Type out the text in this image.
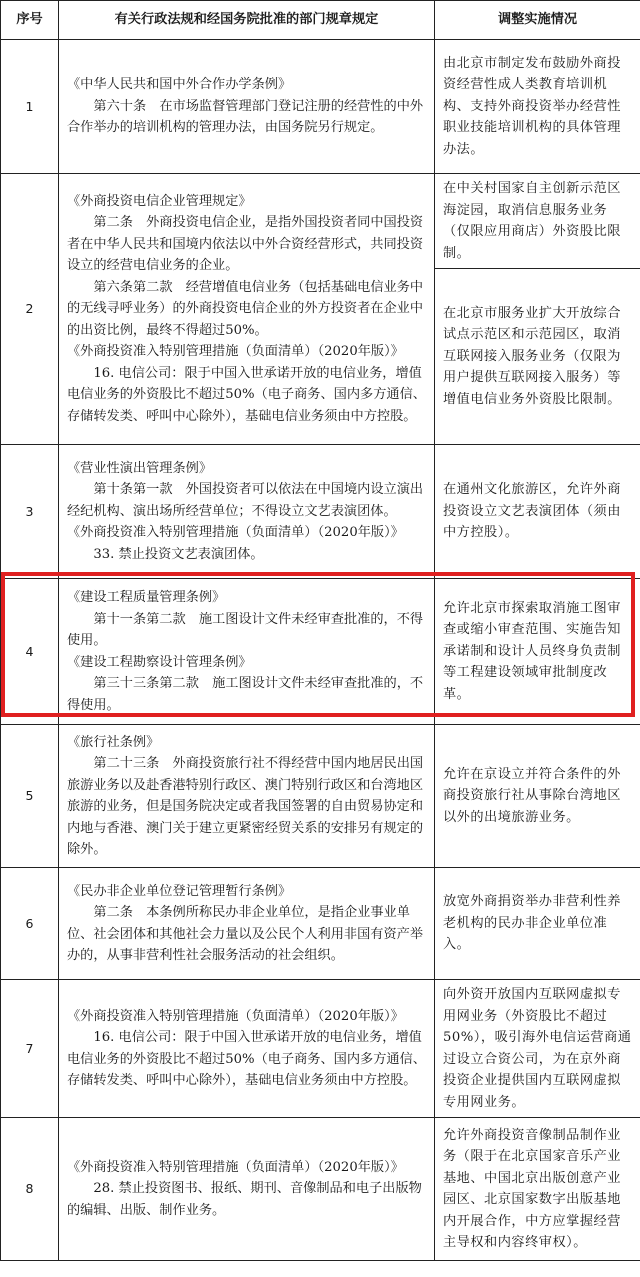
序号	有关行政法规和经国务院批准的部门规章规定	调整实施情况
1	《中华人民共和国中外合作办学条例》
第六十条　在市场监督管理部门登记注册的经营性的中外合作举办的培训机构的管理办法，由国务院另行规定。	由北京市制定发布鼓励外商投资经营性成人类教育培训机构、支持外商投资举办经营性职业技能培训机构的具体管理办法。

2	《外商投资电信企业管理规定》
第二条　外商投资电信企业，是指外国投资者同中国投资者在中华人民共和国境内依法以中外合资经营形式，共同投资设立的经营电信业务的企业。
第六条第二款　经营增值电信业务（包括基础电信业务中的无线寻呼业务）的外商投资电信企业的外方投资者在企业中的出资比例，最终不得超过50%。
《外商投资准入特别管理措施（负面清单）（2020年版）》
16. 电信公司：限于中国入世承诺开放的电信业务，增值电信业务的外资股比不超过50%（电子商务、国内多方通信、存储转发类、呼叫中心除外），基础电信业务须由中方控股。	在中关村国家自主创新示范区海淀园，取消信息服务业务（仅限应用商店）外资股比限制。

		在北京市服务业扩大开放综合试点示范区和示范园区，取消互联网接入服务业务（仅限为用户提供互联网接入服务）等增值电信业务外资股比限制。

3	《营业性演出管理条例》
第十条第一款　外国投资者可以依法在中国境内设立演出经纪机构、演出场所经营单位；不得设立文艺表演团体。
《外商投资准入特别管理措施（负面清单）（2020年版）》
33. 禁止投资文艺表演团体。	在通州文化旅游区，允许外商投资设立文艺表演团体（须由中方控股）。

4	《建设工程质量管理条例》
第十一条第二款　施工图设计文件未经审查批准的，不得使用。
《建设工程勘察设计管理条例》
第三十三条第二款　施工图设计文件未经审查批准的，不得使用。	允许北京市探索取消施工图审查或缩小审查范围、实施告知承诺制和设计人员终身负责制等工程建设领域审批制度改革。

5	《旅行社条例》
第二十三条　外商投资旅行社不得经营中国内地居民出国旅游业务以及赴香港特别行政区、澳门特别行政区和台湾地区旅游的业务，但是国务院决定或者我国签署的自由贸易协定和内地与香港、澳门关于建立更紧密经贸关系的安排另有规定的除外。	允许在京设立并符合条件的外商投资旅行社从事除台湾地区以外的出境旅游业务。

6	《民办非企业单位登记管理暂行条例》
第二条　本条例所称民办非企业单位，是指企业事业单位、社会团体和其他社会力量以及公民个人利用非国有资产举办的，从事非营利性社会服务活动的社会组织。	放宽外商捐资举办非营利性养老机构的民办非企业单位准入。

7	《外商投资准入特别管理措施（负面清单）（2020年版）》
16. 电信公司：限于中国入世承诺开放的电信业务，增值电信业务的外资股比不超过50%（电子商务、国内多方通信、存储转发类、呼叫中心除外），基础电信业务须由中方控股。	向外资开放国内互联网虚拟专用网业务（外资股比不超过50%），吸引海外电信运营商通过设立合资公司，为在京外商投资企业提供国内互联网虚拟专用网业务。

8	《外商投资准入特别管理措施（负面清单）（2020年版）》
28. 禁止投资图书、报纸、期刊、音像制品和电子出版物的编辑、出版、制作业务。	允许外商投资音像制品制作业务（限于在北京国家音乐产业基地、中国北京出版创意产业园区、北京国家数字出版基地内开展合作，中方应掌握经营主导权和内容终审权）。
